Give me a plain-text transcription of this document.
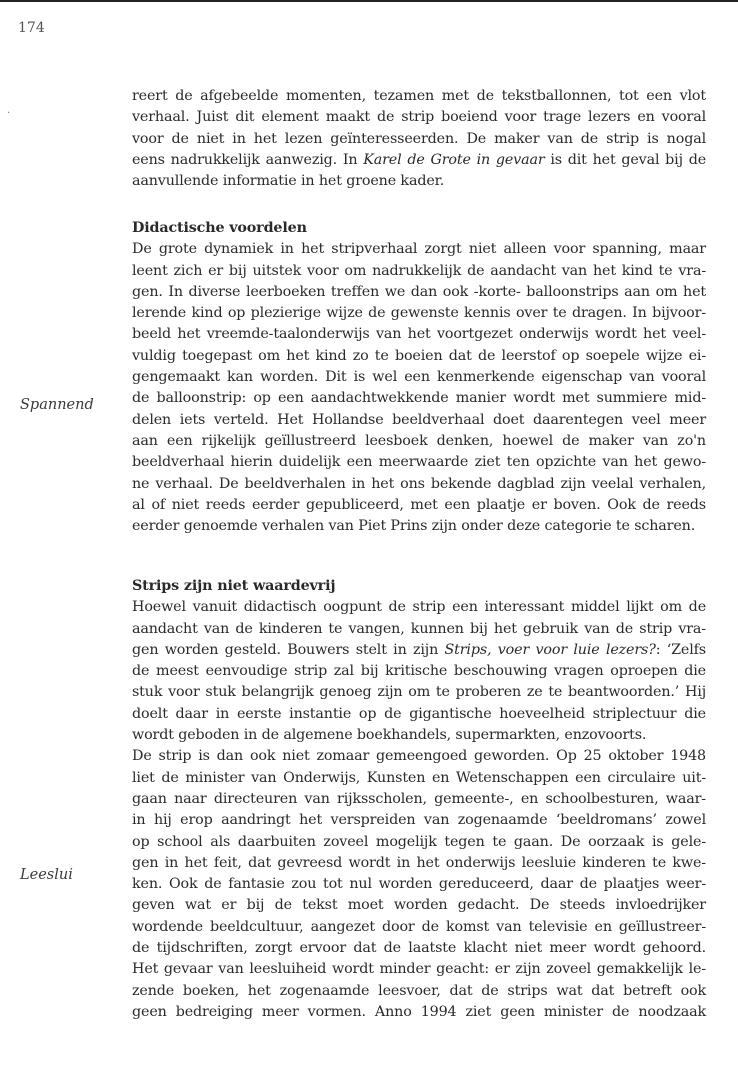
174
·
Spannend
Leeslui
reert de afgebeelde momenten, tezamen met de tekstballonnen, tot een vlot
verhaal. Juist dit element maakt de strip boeiend voor trage lezers en vooral
voor de niet in het lezen geïnteresseerden. De maker van de strip is nogal
eens nadrukkelijk aanwezig. In Karel de Grote in gevaar is dit het geval bij de
aanvullende informatie in het groene kader.
Didactische voordelen
De grote dynamiek in het stripverhaal zorgt niet alleen voor spanning, maar
leent zich er bij uitstek voor om nadrukkelijk de aandacht van het kind te vra-
gen. In diverse leerboeken treffen we dan ook -korte- balloonstrips aan om het
lerende kind op plezierige wijze de gewenste kennis over te dragen. In bijvoor-
beeld het vreemde-taalonderwijs van het voortgezet onderwijs wordt het veel-
vuldig toegepast om het kind zo te boeien dat de leerstof op soepele wijze ei-
gengemaakt kan worden. Dit is wel een kenmerkende eigenschap van vooral
de balloonstrip: op een aandachtwekkende manier wordt met summiere mid-
delen iets verteld. Het Hollandse beeldverhaal doet daarentegen veel meer
aan een rijkelijk geïllustreerd leesboek denken, hoewel de maker van zo'n
beeldverhaal hierin duidelijk een meerwaarde ziet ten opzichte van het gewo-
ne verhaal. De beeldverhalen in het ons bekende dagblad zijn veelal verhalen,
al of niet reeds eerder gepubliceerd, met een plaatje er boven. Ook de reeds
eerder genoemde verhalen van Piet Prins zijn onder deze categorie te scharen.
Strips zijn niet waardevrij
Hoewel vanuit didactisch oogpunt de strip een interessant middel lijkt om de
aandacht van de kinderen te vangen, kunnen bij het gebruik van de strip vra-
gen worden gesteld. Bouwers stelt in zijn Strips, voer voor luie lezers?: ‘Zelfs
de meest eenvoudige strip zal bij kritische beschouwing vragen oproepen die
stuk voor stuk belangrijk genoeg zijn om te proberen ze te beantwoorden.’ Hij
doelt daar in eerste instantie op de gigantische hoeveelheid striplectuur die
wordt geboden in de algemene boekhandels, supermarkten, enzovoorts.
De strip is dan ook niet zomaar gemeengoed geworden. Op 25 oktober 1948
liet de minister van Onderwijs, Kunsten en Wetenschappen een circulaire uit-
gaan naar directeuren van rijksscholen, gemeente-, en schoolbesturen, waar-
in hij erop aandringt het verspreiden van zogenaamde ‘beeldromans’ zowel
op school als daarbuiten zoveel mogelijk tegen te gaan. De oorzaak is gele-
gen in het feit, dat gevreesd wordt in het onderwijs leesluie kinderen te kwe-
ken. Ook de fantasie zou tot nul worden gereduceerd, daar de plaatjes weer-
geven wat er bij de tekst moet worden gedacht. De steeds invloedrijker
wordende beeldcultuur, aangezet door de komst van televisie en geïllustreer-
de tijdschriften, zorgt ervoor dat de laatste klacht niet meer wordt gehoord.
Het gevaar van leesluiheid wordt minder geacht: er zijn zoveel gemakkelijk le-
zende boeken, het zogenaamde leesvoer, dat de strips wat dat betreft ook
geen bedreiging meer vormen. Anno 1994 ziet geen minister de noodzaak
